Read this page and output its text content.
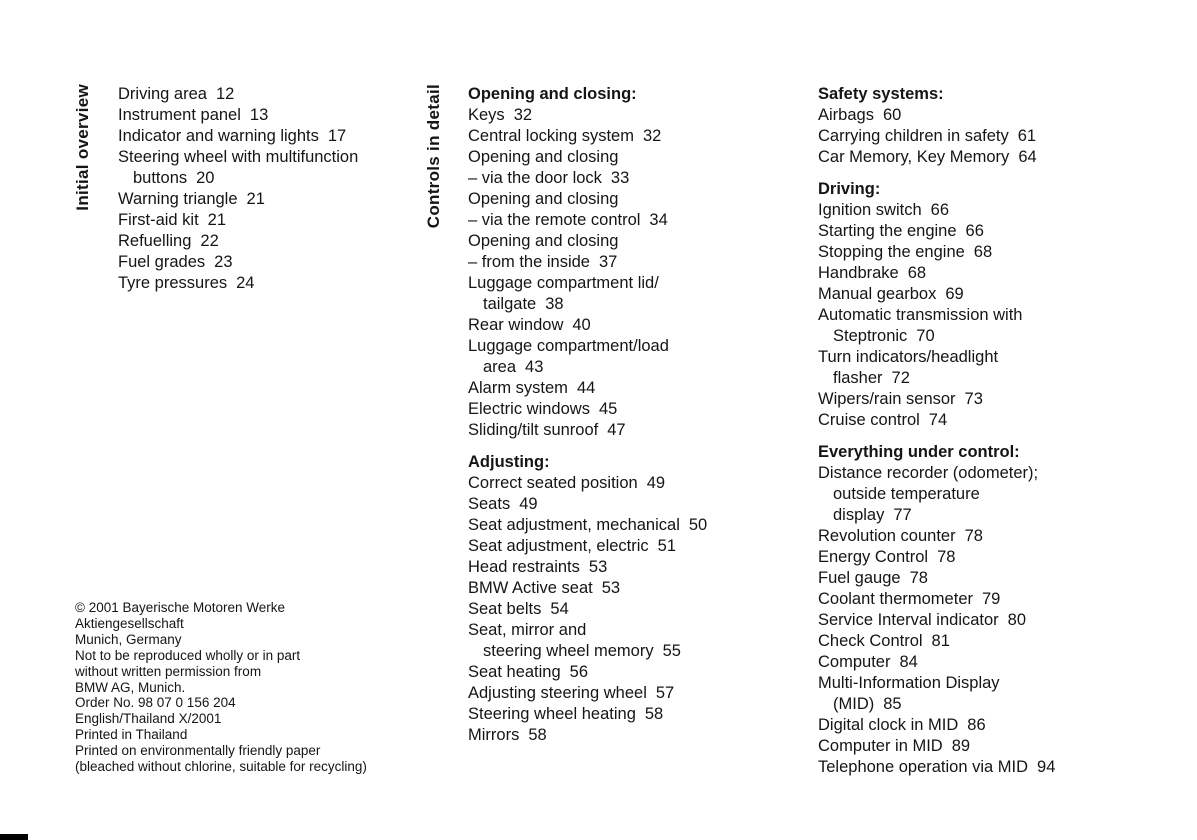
Initial overview	Controls in detail
Driving area 12
Instrument panel 13
Indicator and warning lights 17
Steering wheel with multifunction
buttons 20
Warning triangle 21
First-aid kit 21
Refuelling 22
Fuel grades 23
Tyre pressures 24
Opening and closing:
Keys 32
Central locking system 32
Opening and closing
– via the door lock 33
Opening and closing
– via the remote control 34
Opening and closing
– from the inside 37
Luggage compartment lid/
tailgate 38
Rear window 40
Luggage compartment/load
area 43
Alarm system 44
Electric windows 45
Sliding/tilt sunroof 47
Adjusting:
Correct seated position 49
Seats 49
Seat adjustment, mechanical 50
Seat adjustment, electric 51
Head restraints 53
BMW Active seat 53
Seat belts 54
Seat, mirror and
steering wheel memory 55
Seat heating 56
Adjusting steering wheel 57
Steering wheel heating 58
Mirrors 58
Safety systems:
Airbags 60
Carrying children in safety 61
Car Memory, Key Memory 64
Driving:
Ignition switch 66
Starting the engine 66
Stopping the engine 68
Handbrake 68
Manual gearbox 69
Automatic transmission with
Steptronic 70
Turn indicators/headlight
flasher 72
Wipers/rain sensor 73
Cruise control 74
Everything under control:
Distance recorder (odometer);
outside temperature
display 77
Revolution counter 78
Energy Control 78
Fuel gauge 78
Coolant thermometer 79
Service Interval indicator 80
Check Control 81
Computer 84
Multi-Information Display
(MID) 85
Digital clock in MID 86
Computer in MID 89
Telephone operation via MID 94
© 2001 Bayerische Motoren Werke
Aktiengesellschaft
Munich, Germany
Not to be reproduced wholly or in part
without written permission from
BMW AG, Munich.
Order No. 98 07 0 156 204
English/Thailand X/2001
Printed in Thailand
Printed on environmentally friendly paper
(bleached without chlorine, suitable for recycling)
